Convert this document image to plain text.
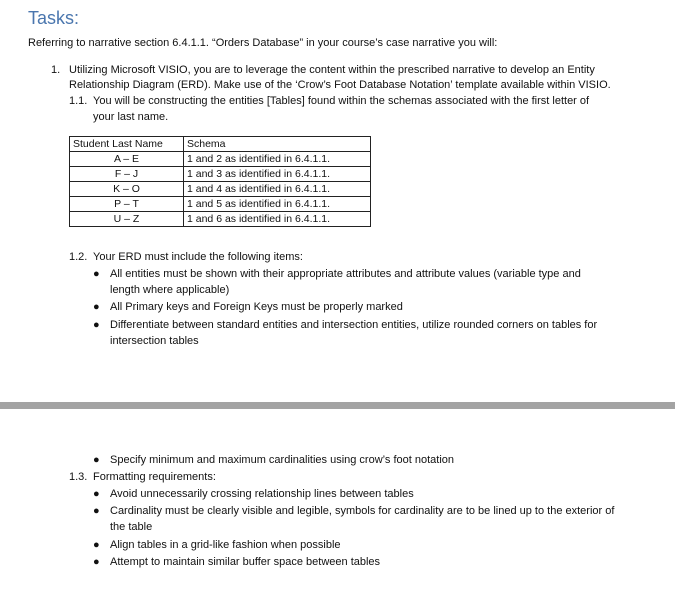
Tasks:
Referring to narrative section 6.4.1.1. “Orders Database” in your course’s case narrative you will:
1. Utilizing Microsoft VISIO, you are to leverage the content within the prescribed narrative to develop an Entity
Relationship Diagram (ERD). Make use of the ‘Crow’s Foot Database Notation’ template available within VISIO.
1.1. You will be constructing the entities [Tables] found within the schemas associated with the first letter of
your last name.
Student Last Name	Schema
A – E	1 and 2 as identified in 6.4.1.1.
F – J	1 and 3 as identified in 6.4.1.1.
K – O	1 and 4 as identified in 6.4.1.1.
P – T	1 and 5 as identified in 6.4.1.1.
U – Z	1 and 6 as identified in 6.4.1.1.
1.2. Your ERD must include the following items:
● All entities must be shown with their appropriate attributes and attribute values (variable type and
length where applicable)
● All Primary keys and Foreign Keys must be properly marked
● Differentiate between standard entities and intersection entities, utilize rounded corners on tables for
intersection tables
● Specify minimum and maximum cardinalities using crow’s foot notation
1.3. Formatting requirements:
● Avoid unnecessarily crossing relationship lines between tables
● Cardinality must be clearly visible and legible, symbols for cardinality are to be lined up to the exterior of
the table
● Align tables in a grid-like fashion when possible
● Attempt to maintain similar buffer space between tables
